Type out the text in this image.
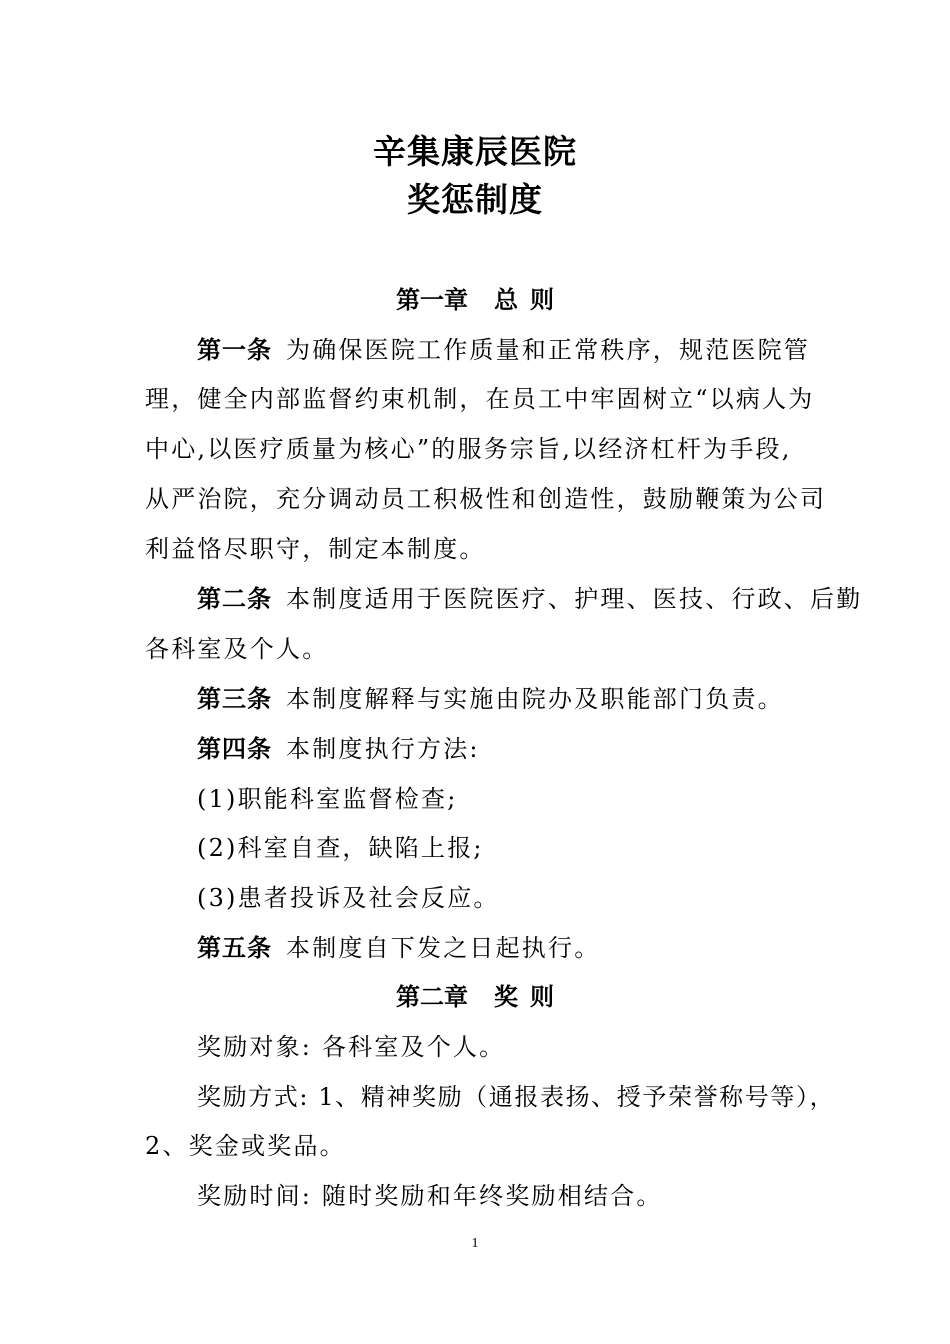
辛集康辰医院
奖惩制度
第一章 总 则
第一条 为确保医院工作质量和正常秩序，规范医院管
理，健全内部监督约束机制，在员工中牢固树立“以病人为
中心,以医疗质量为核心”的服务宗旨,以经济杠杆为手段,
从严治院，充分调动员工积极性和创造性，鼓励鞭策为公司
利益恪尽职守，制定本制度。
第二条 本制度适用于医院医疗、护理、医技、行政、后勤
各科室及个人。
第三条 本制度解释与实施由院办及职能部门负责。
第四条 本制度执行方法:
(1)职能科室监督检查;
(2)科室自查，缺陷上报;
(3)患者投诉及社会反应。
第五条 本制度自下发之日起执行。
第二章 奖 则
奖励对象: 各科室及个人。
奖励方式: 1、精神奖励（通报表扬、授予荣誉称号等），
2、奖金或奖品。
奖励时间: 随时奖励和年终奖励相结合。
1
